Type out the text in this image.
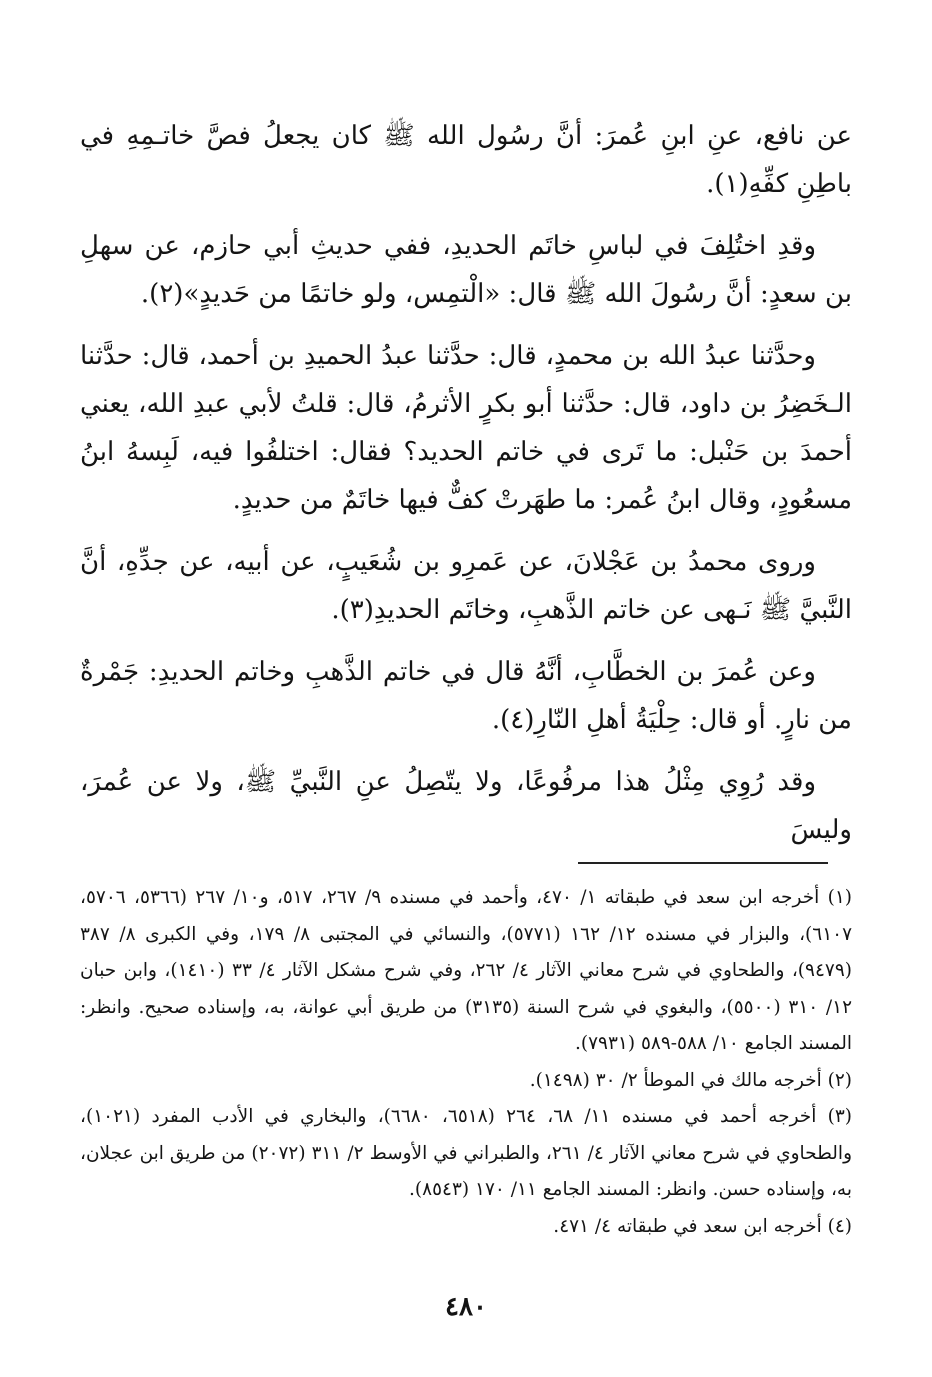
عن نافع، عنِ ابنِ عُمرَ: أنَّ رسُول الله ﷺ كان يجعلُ فصَّ خاتـمِهِ في باطِنِ كفِّهِ(١).

وقدِ اختُلِفَ في لباسِ خاتَم الحديدِ، ففي حديثِ أبي حازم، عن سهلِ بن سعدٍ: أنَّ رسُولَ الله ﷺ قال: «الْتمِس، ولو خاتمًا من حَديدٍ»(٢).

وحدَّثنا عبدُ الله بن محمدٍ، قال: حدَّثنا عبدُ الحميدِ بن أحمد، قال: حدَّثنا الـخَضِرُ بن داود، قال: حدَّثنا أبو بكرٍ الأثرمُ، قال: قلتُ لأبي عبدِ الله، يعني أحمدَ بن حَنْبل: ما تَرى في خاتم الحديد؟ فقال: اختلفُوا فيه، لَبِسهُ ابنُ مسعُودٍ، وقال ابنُ عُمر: ما طهَرتْ كفٌّ فيها خاتَمٌ من حديدٍ.

وروى محمدُ بن عَجْلانَ، عن عَمرِو بن شُعَيبٍ، عن أبيه، عن جدِّهِ، أنَّ النَّبيَّ ﷺ نَـهى عن خاتم الذَّهبِ، وخاتَم الحديدِ(٣).

وعن عُمرَ بن الخطَّابِ، أنَّهُ قال في خاتم الذَّهبِ وخاتم الحديدِ: جَمْرةٌ من نارٍ. أو قال: حِلْيَةُ أهلِ النّارِ(٤).

وقد رُوِي مِثْلُ هذا مرفُوعًا، ولا يتّصِلُ عنِ النَّبيِّ ﷺ، ولا عن عُمرَ، وليسَ

(١) أخرجه ابن سعد في طبقاته ١/ ٤٧٠، وأحمد في مسنده ٩/ ٢٦٧، ٥١٧، و١٠/ ٢٦٧ (٥٣٦٦، ٥٧٠٦، ٦١٠٧)، والبزار في مسنده ١٢/ ١٦٢ (٥٧٧١)، والنسائي في المجتبى ٨/ ١٧٩، وفي الكبرى ٨/ ٣٨٧ (٩٤٧٩)، والطحاوي في شرح معاني الآثار ٤/ ٢٦٢، وفي شرح مشكل الآثار ٤/ ٣٣ (١٤١٠)، وابن حبان ١٢/ ٣١٠ (٥٥٠٠)، والبغوي في شرح السنة (٣١٣٥) من طريق أبي عوانة، به، وإسناده صحيح. وانظر: المسند الجامع ١٠/ ٥٨٨-٥٨٩ (٧٩٣١).

(٢) أخرجه مالك في الموطأ ٢/ ٣٠ (١٤٩٨).

(٣) أخرجه أحمد في مسنده ١١/ ٦٨، ٢٦٤ (٦٥١٨، ٦٦٨٠)، والبخاري في الأدب المفرد (١٠٢١)، والطحاوي في شرح معاني الآثار ٤/ ٢٦١، والطبراني في الأوسط ٢/ ٣١١ (٢٠٧٢) من طريق ابن عجلان، به، وإسناده حسن. وانظر: المسند الجامع ١١/ ١٧٠ (٨٥٤٣).

(٤) أخرجه ابن سعد في طبقاته ٤/ ٤٧١.

٤٨٠
